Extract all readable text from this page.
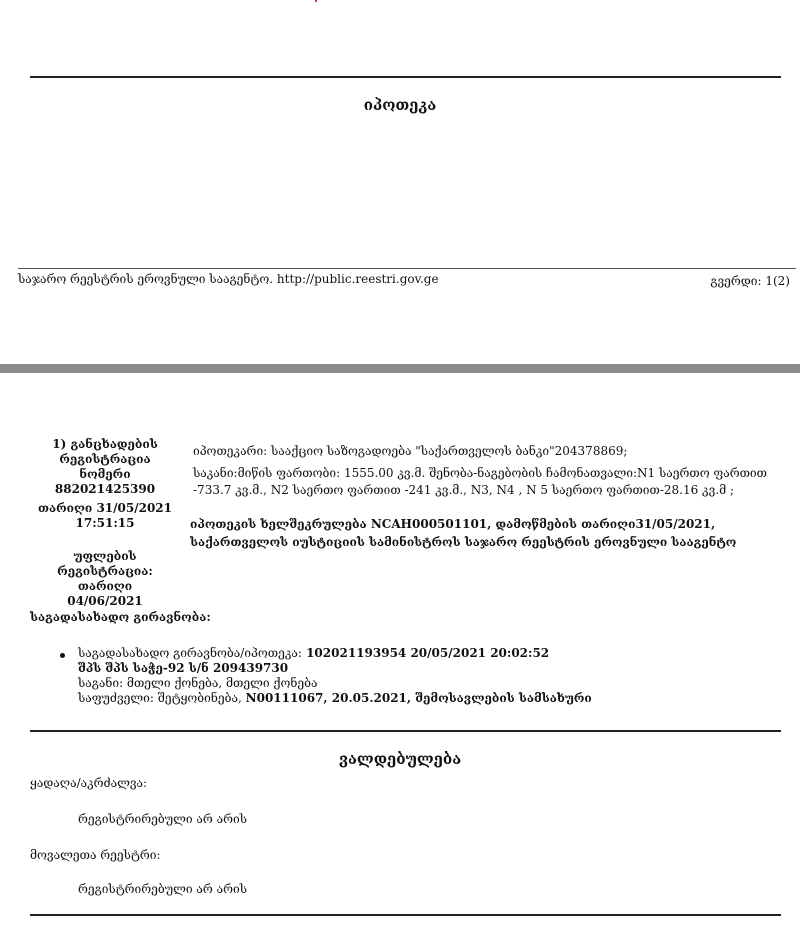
იპოთეკა
საჯარო რეესტრის ეროვნული სააგენტო. http://public.reestri.gov.ge	გვერდი: 1(2)
1) განცხადების
რეგისტრაცია
ნომერი
882021425390
თარიღი 31/05/2021
17:51:15
უფლების
რეგისტრაცია: თარიღი
04/06/2021
იპოთეკარი: სააქციო საზოგადოება "საქართველოს ბანკი"204378869;
საკანი:მიწის ფართობი: 1555.00 კვ.მ. შენობა-ნაგებობის ჩამონათვალი:N1 საერთო ფართით
-733.7 კვ.მ., N2 საერთო ფართით -241 კვ.მ., N3, N4 , N 5 საერთო ფართით-28.16 კვ.მ ;
იპოთეკის ხელშეკრულება NCAH000501101, დამოწმების თარიღი31/05/2021,
საქართველოს იუსტიციის სამინისტროს საჯარო რეესტრის ეროვნული სააგენტო
საგადასახადო გირავნობა:
საგადასახადო გირავნობა/იპოთეკა: 102021193954 20/05/2021 20:02:52
შპს შპს საჭე-92 ს/ნ 209439730
საგანი: მთელი ქონება, მთელი ქონება
საფუძველი: შეტყობინება, N00111067, 20.05.2021, შემოსავლების სამსახური
ვალდებულება
ყადაღა/აკრძალვა:
რეგისტრირებული არ არის
მოვალეთა რეესტრი:
რეგისტრირებული არ არის
